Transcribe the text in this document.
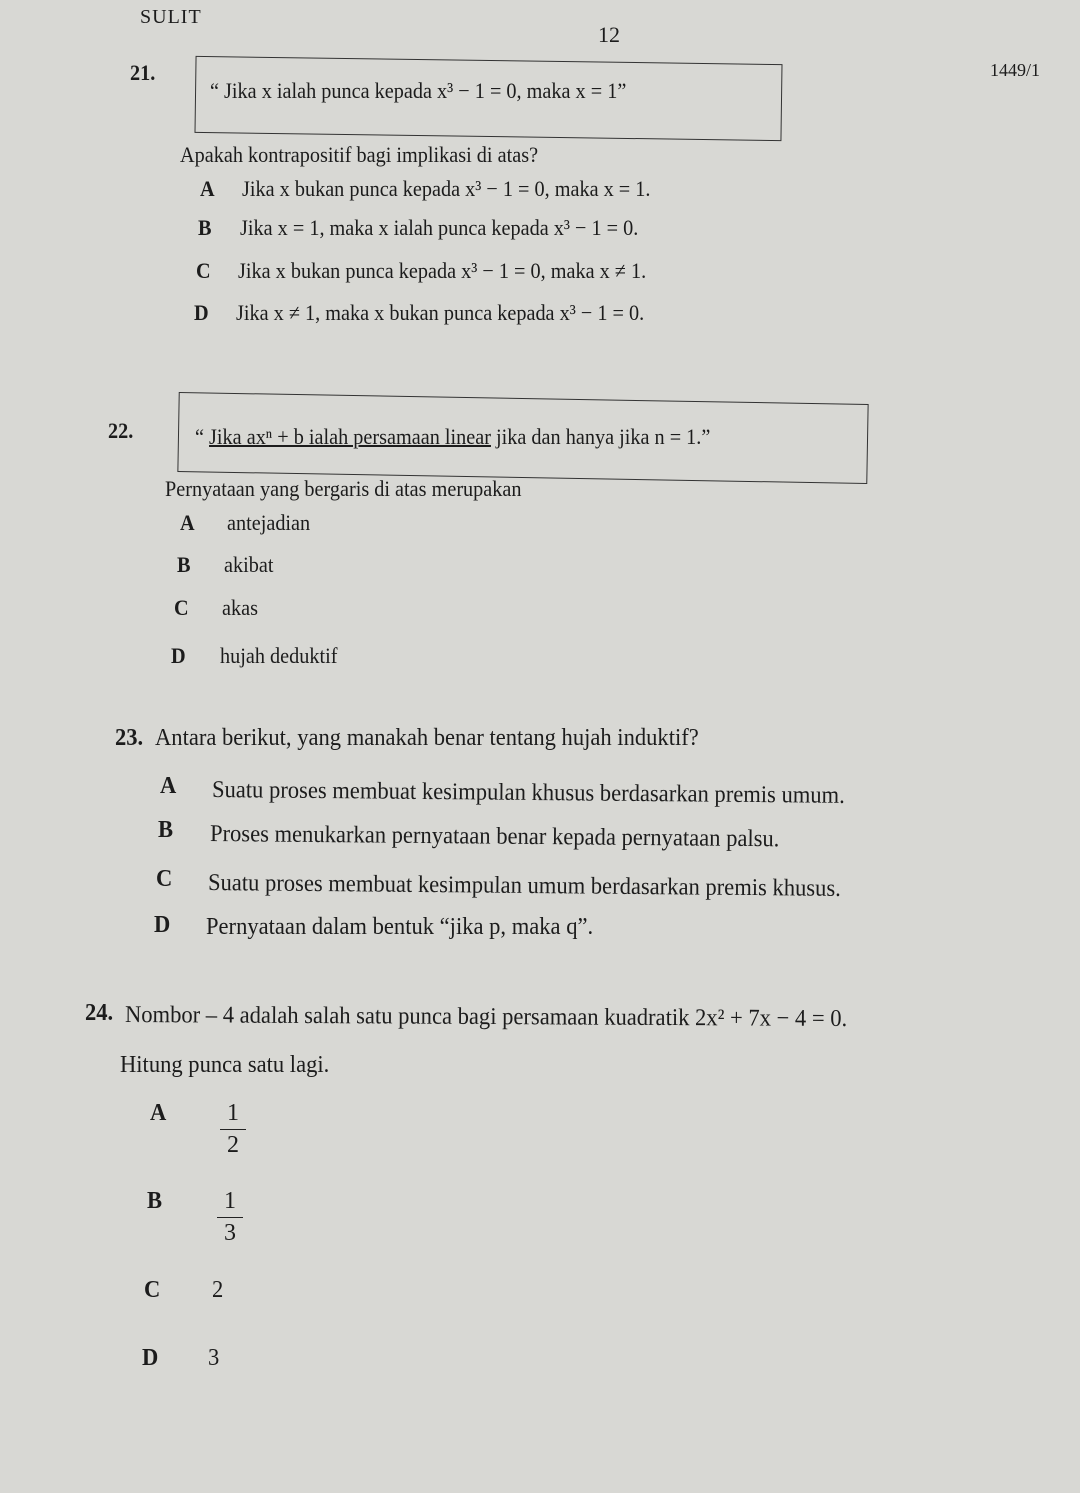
SULIT
12
1449/1
21.
“ Jika x ialah punca kepada x³ − 1 = 0, maka x = 1”
Apakah kontrapositif bagi implikasi di atas?
A Jika x bukan punca kepada x³ − 1 = 0, maka x = 1.
B Jika x = 1, maka x ialah punca kepada x³ − 1 = 0.
C Jika x bukan punca kepada x³ − 1 = 0, maka x ≠ 1.
D Jika x ≠ 1, maka x bukan punca kepada x³ − 1 = 0.
22.	“ Jika axⁿ + b ialah persamaan linear jika dan hanya jika n = 1.”
Pernyataan yang bergaris di atas merupakan
A antejadian
B akibat
C akas
D hujah deduktif
23. Antara berikut, yang manakah benar tentang hujah induktif?
A Suatu proses membuat kesimpulan khusus berdasarkan premis umum.
B Proses menukarkan pernyataan benar kepada pernyataan palsu.
C Suatu proses membuat kesimpulan umum berdasarkan premis khusus.
D Pernyataan dalam bentuk “jika p, maka q”.
24. Nombor – 4 adalah salah satu punca bagi persamaan kuadratik 2x² + 7x − 4 = 0.
Hitung punca satu lagi.
A	1
2
B	1
3
C 2
D 3
